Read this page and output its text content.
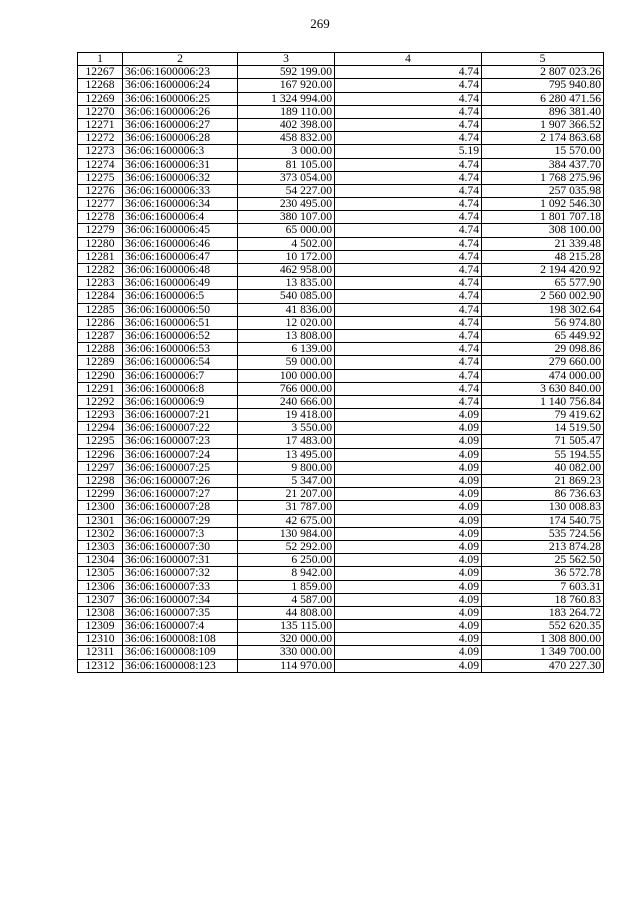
269
1	2	3	4	5
12267	36:06:1600006:23	592 199.00	4.74	2 807 023.26
12268	36:06:1600006:24	167 920.00	4.74	795 940.80
12269	36:06:1600006:25	1 324 994.00	4.74	6 280 471.56
12270	36:06:1600006:26	189 110.00	4.74	896 381.40
12271	36:06:1600006:27	402 398.00	4.74	1 907 366.52
12272	36:06:1600006:28	458 832.00	4.74	2 174 863.68
12273	36:06:1600006:3	3 000.00	5.19	15 570.00
12274	36:06:1600006:31	81 105.00	4.74	384 437.70
12275	36:06:1600006:32	373 054.00	4.74	1 768 275.96
12276	36:06:1600006:33	54 227.00	4.74	257 035.98
12277	36:06:1600006:34	230 495.00	4.74	1 092 546.30
12278	36:06:1600006:4	380 107.00	4.74	1 801 707.18
12279	36:06:1600006:45	65 000.00	4.74	308 100.00
12280	36:06:1600006:46	4 502.00	4.74	21 339.48
12281	36:06:1600006:47	10 172.00	4.74	48 215.28
12282	36:06:1600006:48	462 958.00	4.74	2 194 420.92
12283	36:06:1600006:49	13 835.00	4.74	65 577.90
12284	36:06:1600006:5	540 085.00	4.74	2 560 002.90
12285	36:06:1600006:50	41 836.00	4.74	198 302.64
12286	36:06:1600006:51	12 020.00	4.74	56 974.80
12287	36:06:1600006:52	13 808.00	4.74	65 449.92
12288	36:06:1600006:53	6 139.00	4.74	29 098.86
12289	36:06:1600006:54	59 000.00	4.74	279 660.00
12290	36:06:1600006:7	100 000.00	4.74	474 000.00
12291	36:06:1600006:8	766 000.00	4.74	3 630 840.00
12292	36:06:1600006:9	240 666.00	4.74	1 140 756.84
12293	36:06:1600007:21	19 418.00	4.09	79 419.62
12294	36:06:1600007:22	3 550.00	4.09	14 519.50
12295	36:06:1600007:23	17 483.00	4.09	71 505.47
12296	36:06:1600007:24	13 495.00	4.09	55 194.55
12297	36:06:1600007:25	9 800.00	4.09	40 082.00
12298	36:06:1600007:26	5 347.00	4.09	21 869.23
12299	36:06:1600007:27	21 207.00	4.09	86 736.63
12300	36:06:1600007:28	31 787.00	4.09	130 008.83
12301	36:06:1600007:29	42 675.00	4.09	174 540.75
12302	36:06:1600007:3	130 984.00	4.09	535 724.56
12303	36:06:1600007:30	52 292.00	4.09	213 874.28
12304	36:06:1600007:31	6 250.00	4.09	25 562.50
12305	36:06:1600007:32	8 942.00	4.09	36 572.78
12306	36:06:1600007:33	1 859.00	4.09	7 603.31
12307	36:06:1600007:34	4 587.00	4.09	18 760.83
12308	36:06:1600007:35	44 808.00	4.09	183 264.72
12309	36:06:1600007:4	135 115.00	4.09	552 620.35
12310	36:06:1600008:108	320 000.00	4.09	1 308 800.00
12311	36:06:1600008:109	330 000.00	4.09	1 349 700.00
12312	36:06:1600008:123	114 970.00	4.09	470 227.30
